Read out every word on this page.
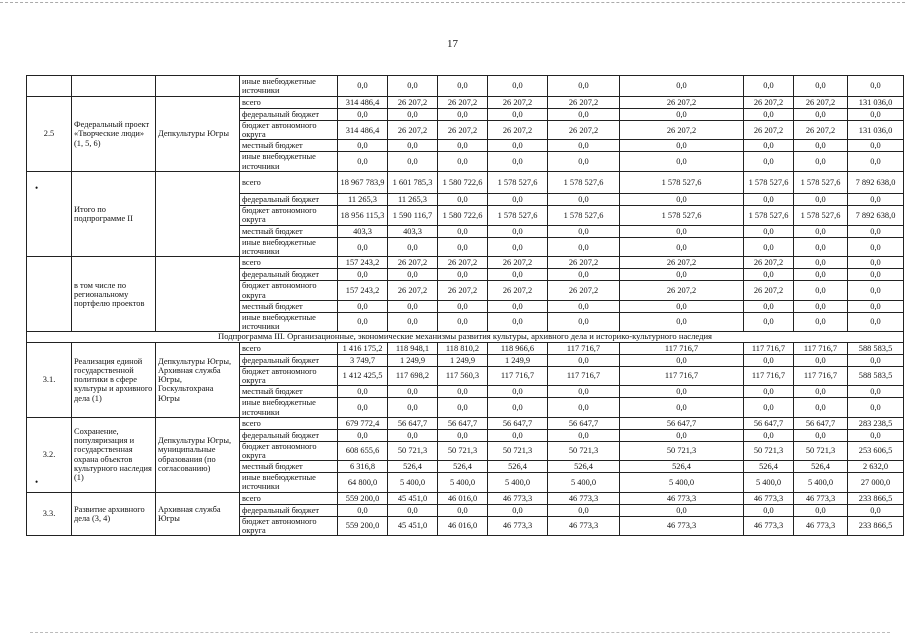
17
			иные внебюджетные источники	0,0	0,0	0,0	0,0	0,0	0,0	0,0	0,0	0,0
2.5	Федеральный проект «Творческие люди» (1, 5, 6)	Депкультуры Югры	всего	314 486,4	26 207,2	26 207,2	26 207,2	26 207,2	26 207,2	26 207,2	26 207,2	131 036,0
			федеральный бюджет	0,0	0,0	0,0	0,0	0,0	0,0	0,0	0,0	0,0
			бюджет автономного округа	314 486,4	26 207,2	26 207,2	26 207,2	26 207,2	26 207,2	26 207,2	26 207,2	131 036,0
			местный бюджет	0,0	0,0	0,0	0,0	0,0	0,0	0,0	0,0	0,0
			иные внебюджетные источники	0,0	0,0	0,0	0,0	0,0	0,0	0,0	0,0	0,0
	Итого по подпрограмме II		всего	18 967 783,9	1 601 785,3	1 580 722,6	1 578 527,6	1 578 527,6	1 578 527,6	1 578 527,6	1 578 527,6	7 892 638,0
			федеральный бюджет	11 265,3	11 265,3	0,0	0,0	0,0	0,0	0,0	0,0	0,0
			бюджет автономного округа	18 956 115,3	1 590 116,7	1 580 722,6	1 578 527,6	1 578 527,6	1 578 527,6	1 578 527,6	1 578 527,6	7 892 638,0
			местный бюджет	403,3	403,3	0,0	0,0	0,0	0,0	0,0	0,0	0,0
			иные внебюджетные источники	0,0	0,0	0,0	0,0	0,0	0,0	0,0	0,0	0,0
	в том числе по региональному портфелю проектов		всего	157 243,2	26 207,2	26 207,2	26 207,2	26 207,2	26 207,2	26 207,2	0,0	0,0
			федеральный бюджет	0,0	0,0	0,0	0,0	0,0	0,0	0,0	0,0	0,0
			бюджет автономного округа	157 243,2	26 207,2	26 207,2	26 207,2	26 207,2	26 207,2	26 207,2	0,0	0,0
			местный бюджет	0,0	0,0	0,0	0,0	0,0	0,0	0,0	0,0	0,0
			иные внебюджетные источники	0,0	0,0	0,0	0,0	0,0	0,0	0,0	0,0	0,0
Подпрограмма III. Организационные, экономические механизмы развития культуры, архивного дела и историко-культурного наследия												
3.1.	Реализация единой государственной политики в сфере культуры и архивного дела (1)	Депкультуры Югры, Архивная служба Югры, Госкультохрана Югры	всего	1 416 175,2	118 948,1	118 810,2	118 966,6	117 716,7	117 716,7	117 716,7	117 716,7	588 583,5
			федеральный бюджет	3 749,7	1 249,9	1 249,9	1 249,9	0,0	0,0	0,0	0,0	0,0
			бюджет автономного округа	1 412 425,5	117 698,2	117 560,3	117 716,7	117 716,7	117 716,7	117 716,7	117 716,7	588 583,5
			местный бюджет	0,0	0,0	0,0	0,0	0,0	0,0	0,0	0,0	0,0
			иные внебюджетные источники	0,0	0,0	0,0	0,0	0,0	0,0	0,0	0,0	0,0
3.2.	Сохранение, популяризация и государственная охрана объектов культурного наследия (1)	Депкультуры Югры, муниципальные образования (по согласованию)	всего	679 772,4	56 647,7	56 647,7	56 647,7	56 647,7	56 647,7	56 647,7	56 647,7	283 238,5
			федеральный бюджет	0,0	0,0	0,0	0,0	0,0	0,0	0,0	0,0	0,0
			бюджет автономного округа	608 655,6	50 721,3	50 721,3	50 721,3	50 721,3	50 721,3	50 721,3	50 721,3	253 606,5
			местный бюджет	6 316,8	526,4	526,4	526,4	526,4	526,4	526,4	526,4	2 632,0
			иные внебюджетные источники	64 800,0	5 400,0	5 400,0	5 400,0	5 400,0	5 400,0	5 400,0	5 400,0	27 000,0
3.3.	Развитие архивного дела (3, 4)	Архивная служба Югры	всего	559 200,0	45 451,0	46 016,0	46 773,3	46 773,3	46 773,3	46 773,3	46 773,3	233 866,5
			федеральный бюджет	0,0	0,0	0,0	0,0	0,0	0,0	0,0	0,0	0,0
			бюджет автономного округа	559 200,0	45 451,0	46 016,0	46 773,3	46 773,3	46 773,3	46 773,3	46 773,3	233 866,5
•
•
